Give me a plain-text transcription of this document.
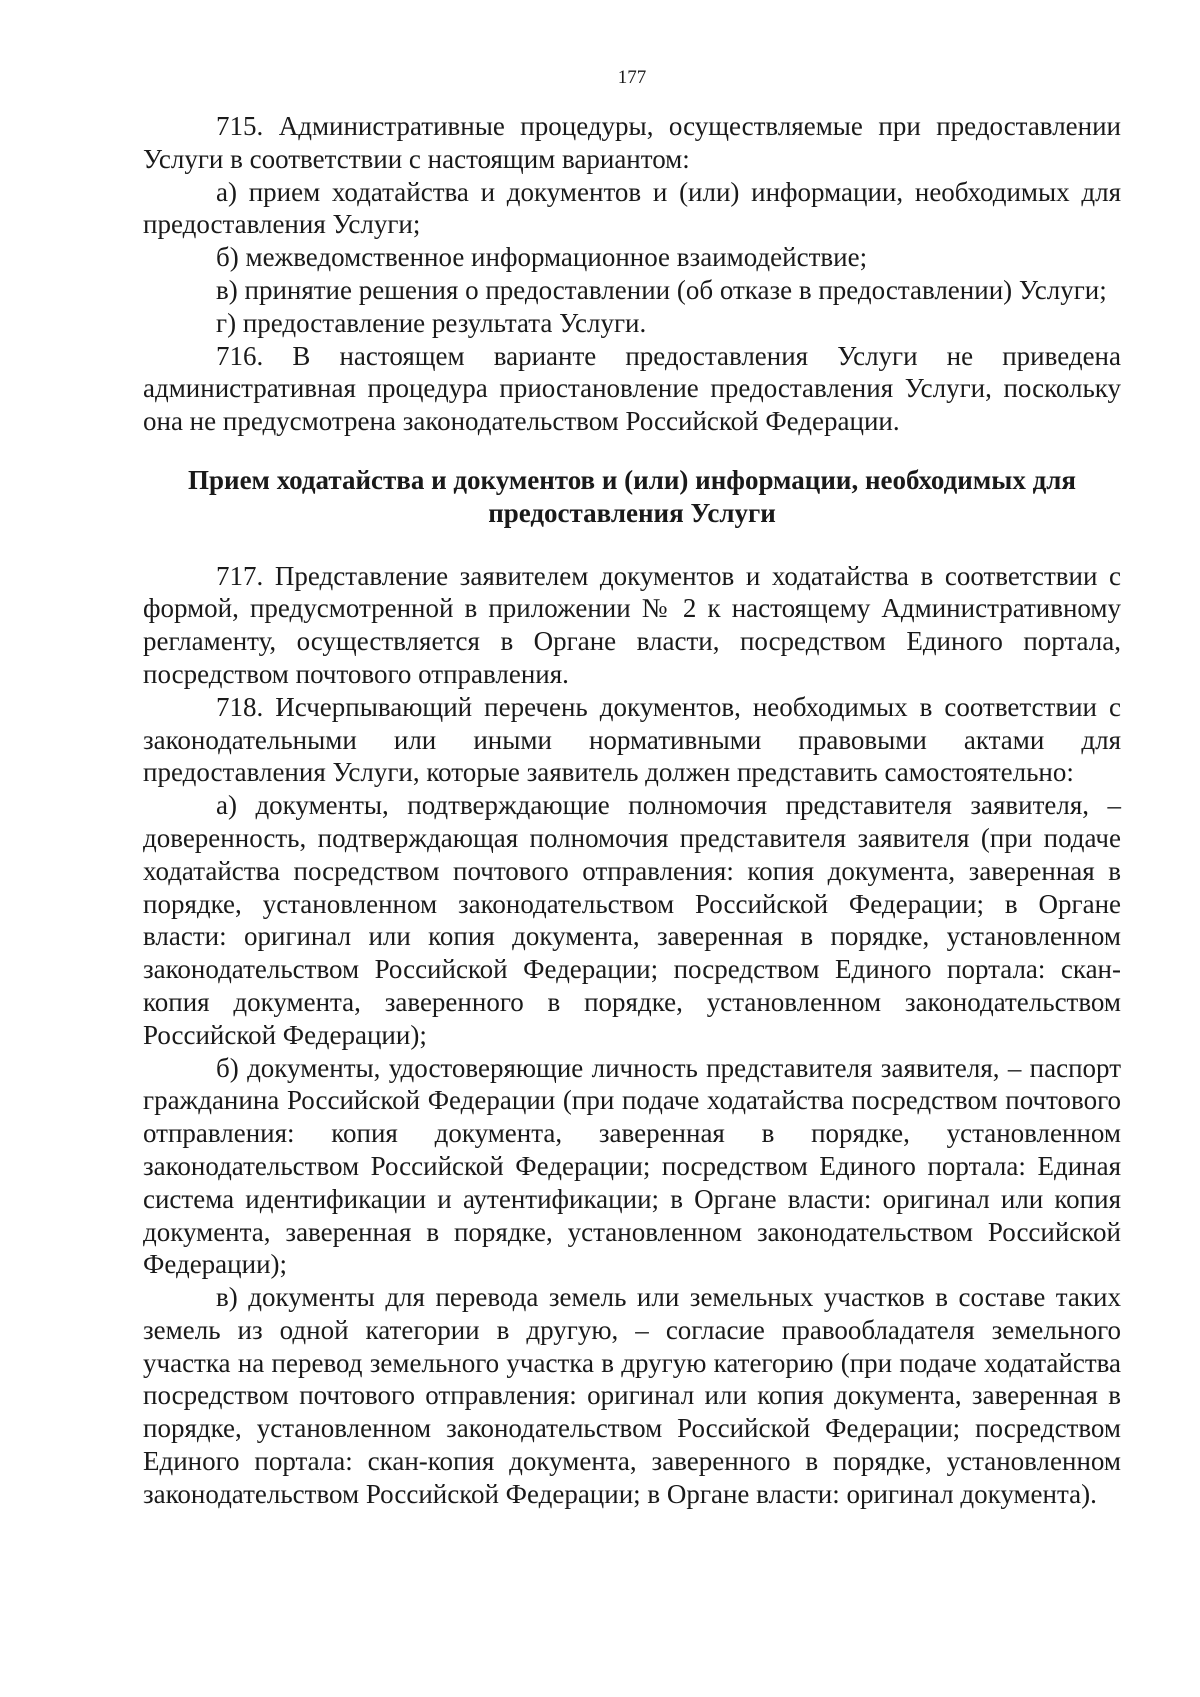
177

715. Административные процедуры, осуществляемые при предоставлении Услуги в соответствии с настоящим вариантом:

а) прием ходатайства и документов и (или) информации, необходимых для предоставления Услуги;

б) межведомственное информационное взаимодействие;

в) принятие решения о предоставлении (об отказе в предоставлении) Услуги;

г) предоставление результата Услуги.

716. В настоящем варианте предоставления Услуги не приведена административная процедура приостановление предоставления Услуги, поскольку она не предусмотрена законодательством Российской Федерации.

Прием ходатайства и документов и (или) информации, необходимых для предоставления Услуги

717. Представление заявителем документов и ходатайства в соответствии с формой, предусмотренной в приложении № 2 к настоящему Административному регламенту, осуществляется в Органе власти, посредством Единого портала, посредством почтового отправления.

718. Исчерпывающий перечень документов, необходимых в соответствии с законодательными или иными нормативными правовыми актами для предоставления Услуги, которые заявитель должен представить самостоятельно:

а) документы, подтверждающие полномочия представителя заявителя, – доверенность, подтверждающая полномочия представителя заявителя (при подаче ходатайства посредством почтового отправления: копия документа, заверенная в порядке, установленном законодательством Российской Федерации; в Органе власти: оригинал или копия документа, заверенная в порядке, установленном законодательством Российской Федерации; посредством Единого портала: скан-копия документа, заверенного в порядке, установленном законодательством Российской Федерации);

б) документы, удостоверяющие личность представителя заявителя, – паспорт гражданина Российской Федерации (при подаче ходатайства посредством почтового отправления: копия документа, заверенная в порядке, установленном законодательством Российской Федерации; посредством Единого портала: Единая система идентификации и аутентификации; в Органе власти: оригинал или копия документа, заверенная в порядке, установленном законодательством Российской Федерации);

в) документы для перевода земель или земельных участков в составе таких земель из одной категории в другую, – согласие правообладателя земельного участка на перевод земельного участка в другую категорию (при подаче ходатайства посредством почтового отправления: оригинал или копия документа, заверенная в порядке, установленном законодательством Российской Федерации; посредством Единого портала: скан-копия документа, заверенного в порядке, установленном законодательством Российской Федерации; в Органе власти: оригинал документа).
